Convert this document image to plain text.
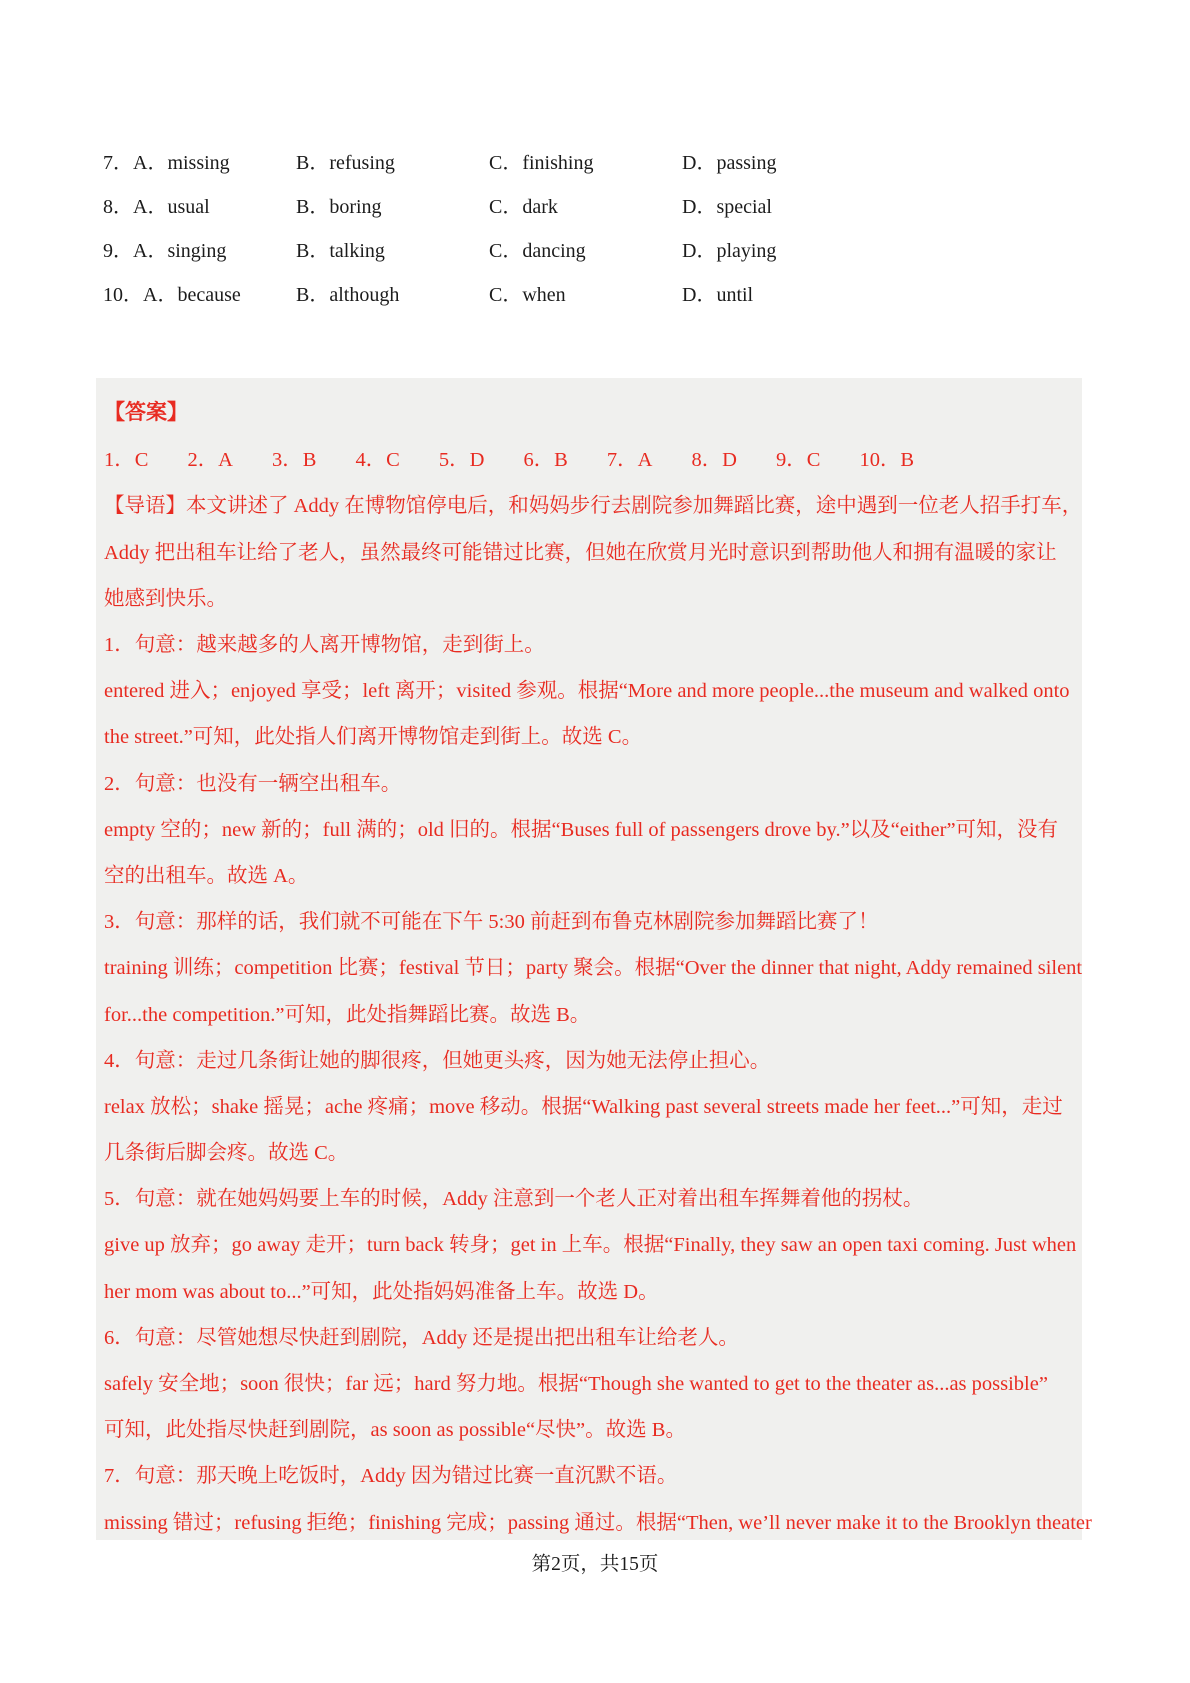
7．A．missing	B．refusing	C．finishing	D．passing
8．A．usual	B．boring	C．dark	D．special
9．A．singing	B．talking	C．dancing	D．playing
10．A．because	B．although	C．when	D．until
【答案】
1．C 2．A 3．B 4．C 5．D 6．B 7．A 8．D 9．C 10．B
【导语】本文讲述了 Addy 在博物馆停电后，和妈妈步行去剧院参加舞蹈比赛，途中遇到一位老人招手打车，
Addy 把出租车让给了老人，虽然最终可能错过比赛，但她在欣赏月光时意识到帮助他人和拥有温暖的家让
她感到快乐。
1．句意：越来越多的人离开博物馆，走到街上。
entered 进入；enjoyed 享受；left 离开；visited 参观。根据“More and more people...the museum and walked onto
the street.”可知，此处指人们离开博物馆走到街上。故选 C。
2．句意：也没有一辆空出租车。
empty 空的；new 新的；full 满的；old 旧的。根据“Buses full of passengers drove by.”以及“either”可知，没有
空的出租车。故选 A。
3．句意：那样的话，我们就不可能在下午 5:30 前赶到布鲁克林剧院参加舞蹈比赛了！
training 训练；competition 比赛；festival 节日；party 聚会。根据“Over the dinner that night, Addy remained silent
for...the competition.”可知，此处指舞蹈比赛。故选 B。
4．句意：走过几条街让她的脚很疼，但她更头疼，因为她无法停止担心。
relax 放松；shake 摇晃；ache 疼痛；move 移动。根据“Walking past several streets made her feet...”可知，走过
几条街后脚会疼。故选 C。
5．句意：就在她妈妈要上车的时候，Addy 注意到一个老人正对着出租车挥舞着他的拐杖。
give up 放弃；go away 走开；turn back 转身；get in 上车。根据“Finally, they saw an open taxi coming. Just when
her mom was about to...”可知，此处指妈妈准备上车。故选 D。
6．句意：尽管她想尽快赶到剧院，Addy 还是提出把出租车让给老人。
safely 安全地；soon 很快；far 远；hard 努力地。根据“Though she wanted to get to the theater as...as possible”
可知，此处指尽快赶到剧院，as soon as possible“尽快”。故选 B。
7．句意：那天晚上吃饭时，Addy 因为错过比赛一直沉默不语。
missing 错过；refusing 拒绝；finishing 完成；passing 通过。根据“Then, we’ll never make it to the Brooklyn theater
第2页，共15页
